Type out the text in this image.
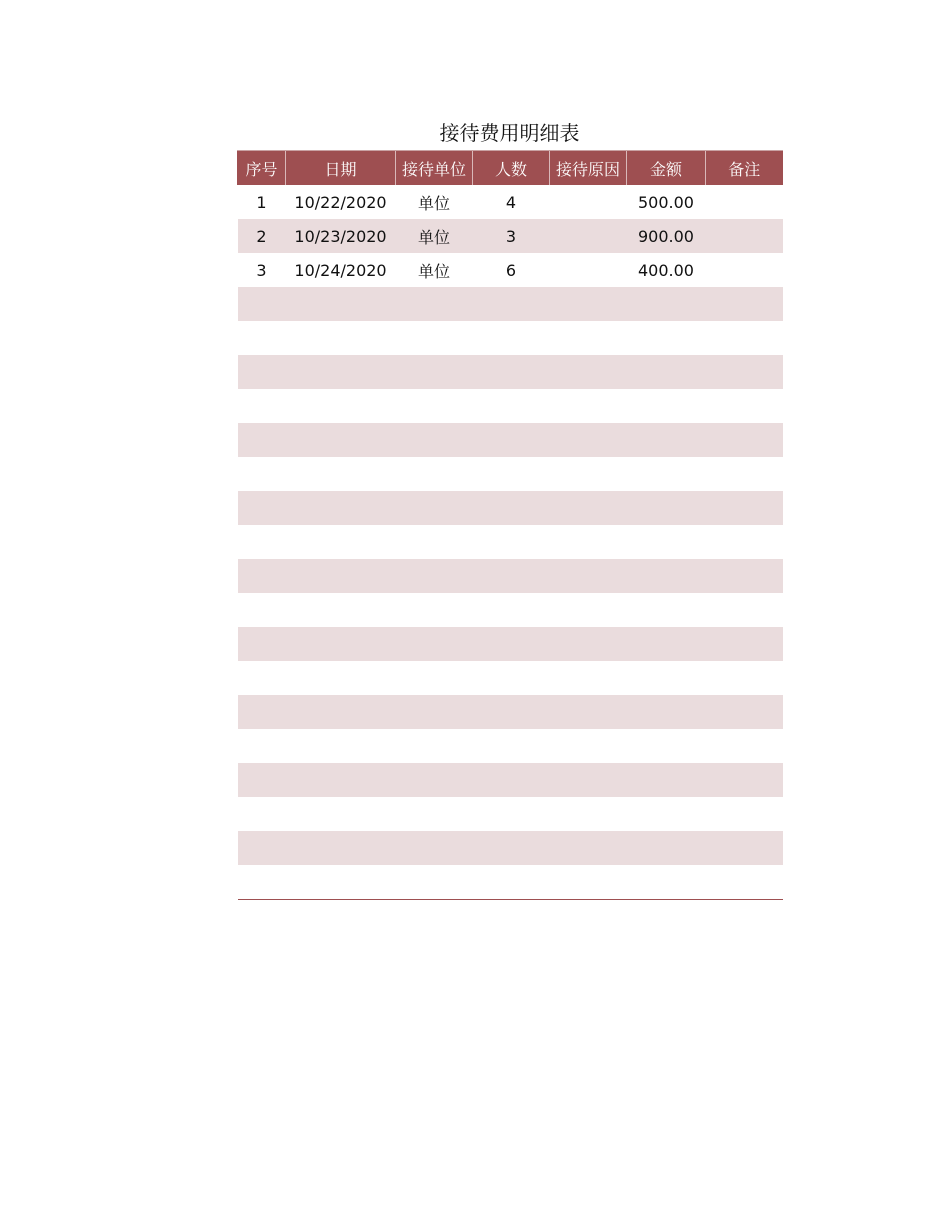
接待费用明细表
序号	日期	接待单位	人数	接待原因	金额	备注
1	10/22/2020	单位	4		500.00	
2	10/23/2020	单位	3		900.00	
3	10/24/2020	单位	6		400.00	
